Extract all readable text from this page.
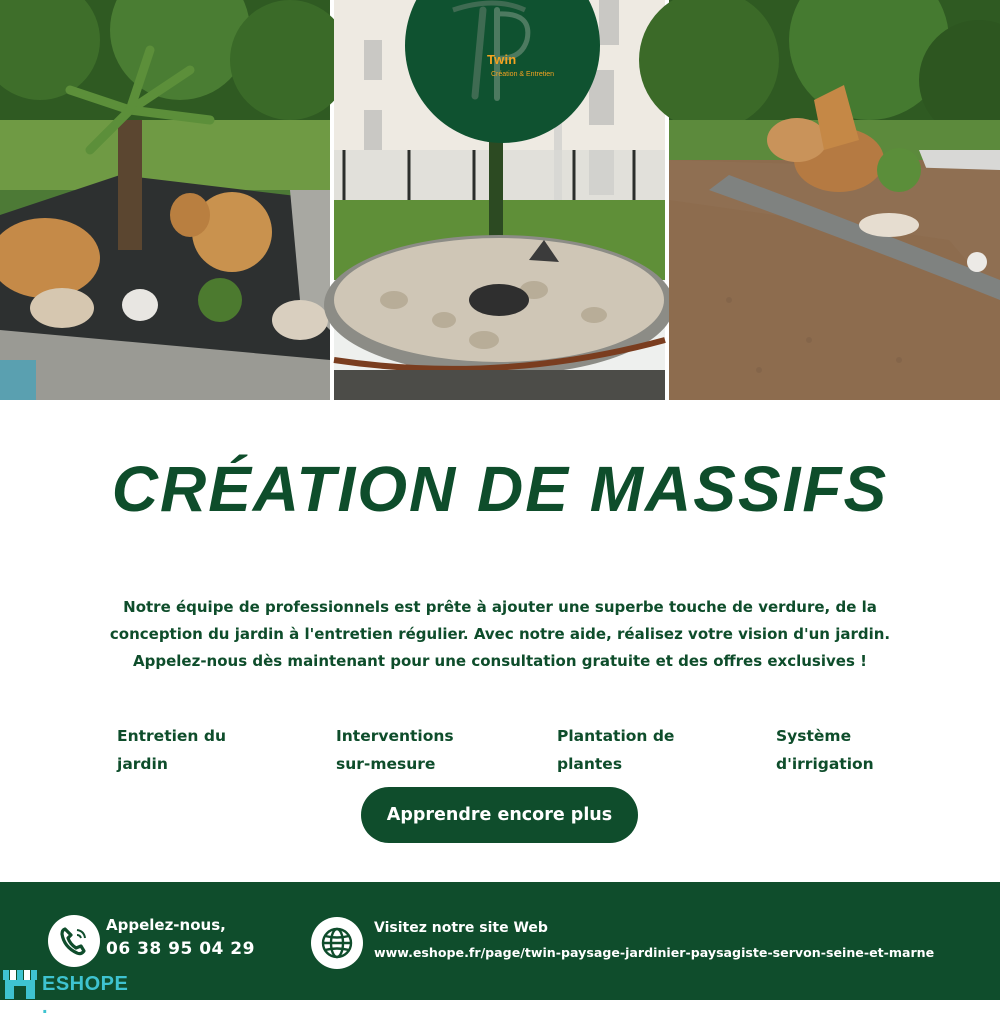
Twin
Création & Entretien
CRÉATION DE MASSIFS
Notre équipe de professionnels est prête à ajouter une superbe touche de verdure, de la
conception du jardin à l'entretien régulier. Avec notre aide, réalisez votre vision d'un jardin.
Appelez-nous dès maintenant pour une consultation gratuite et des offres exclusives !
Entretien du
jardin
Interventions
sur-mesure
Plantation de
plantes
Système
d'irrigation
Apprendre encore plus
Appelez-nous,
06 38 95 04 29
Visitez notre site Web
www.eshope.fr/page/twin-paysage-jardinier-paysagiste-servon-seine-et-marne
ESHOPE .
